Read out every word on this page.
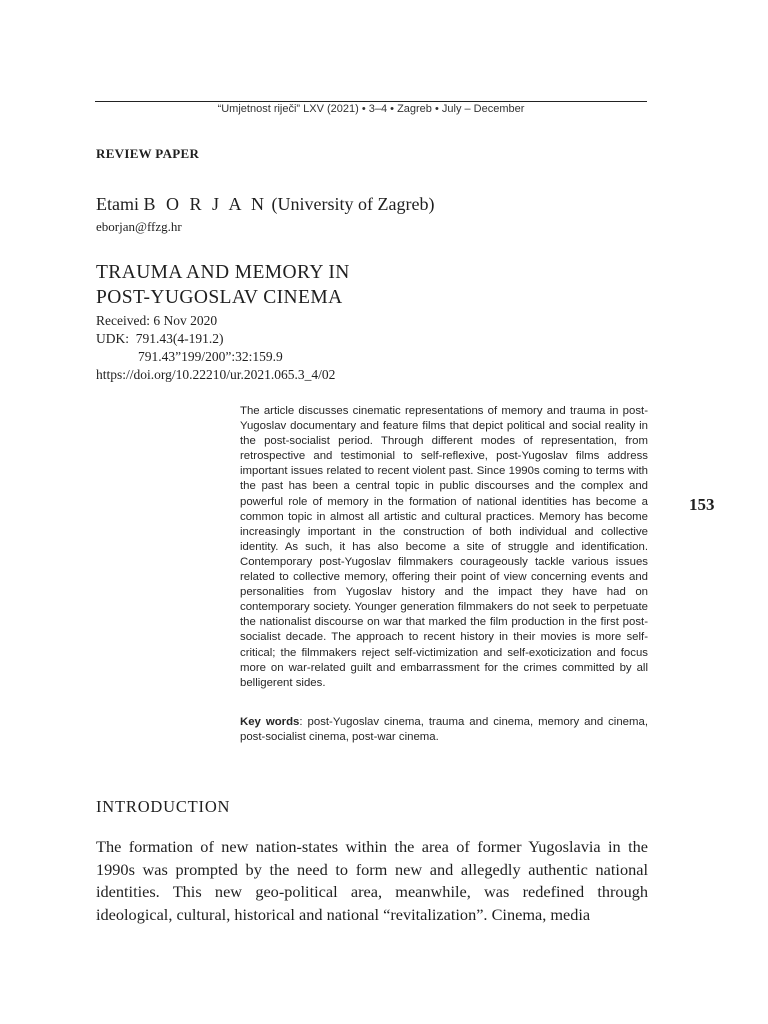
“Umjetnost riječi” LXV (2021) • 3–4 • Zagreb • July – December
REVIEW PAPER
Etami B O R J A N (University of Zagreb)
eborjan@ffzg.hr
TRAUMA AND MEMORY IN
POST-YUGOSLAV CINEMA
Received: 6 Nov 2020
UDK:  791.43(4-191.2)
791.43”199/200”:32:159.9
https://doi.org/10.22210/ur.2021.065.3_4/02

The article discusses cinematic representations of memory and trauma in post-Yugoslav documentary and feature films that depict political and social reality in the post-socialist period. Through different modes of representation, from retrospective and testimonial to self-reflexive, post-Yugoslav films address important issues related to recent violent past. Since 1990s coming to terms with the past has been a central topic in public discourses and the complex and powerful role of memory in the formation of national identities has become a common topic in almost all artistic and cultural practices. Memory has become increasingly important in the construction of both individual and collective identity. As such, it has also become a site of struggle and identification. Contemporary post-Yugoslav filmmakers courageously tackle various issues related to collective memory, offering their point of view concerning events and personalities from Yugoslav history and the impact they have had on contemporary society. Younger generation filmmakers do not seek to perpetuate the nationalist discourse on war that marked the film production in the first post-socialist decade. The approach to recent history in their movies is more self-critical; the filmmakers reject self-victimization and self-exoticization and focus more on war-related guilt and embarrassment for the crimes committed by all belligerent sides.

Key words: post-Yugoslav cinema, trauma and cinema, memory and cinema, post-socialist cinema, post-war cinema.

153
INTRODUCTION

The formation of new nation-states within the area of former Yugoslavia in the 1990s was prompted by the need to form new and allegedly authentic national identities. This new geo-political area, meanwhile, was redefined through ideological, cultural, historical and national “revitalization”. Cinema, media
